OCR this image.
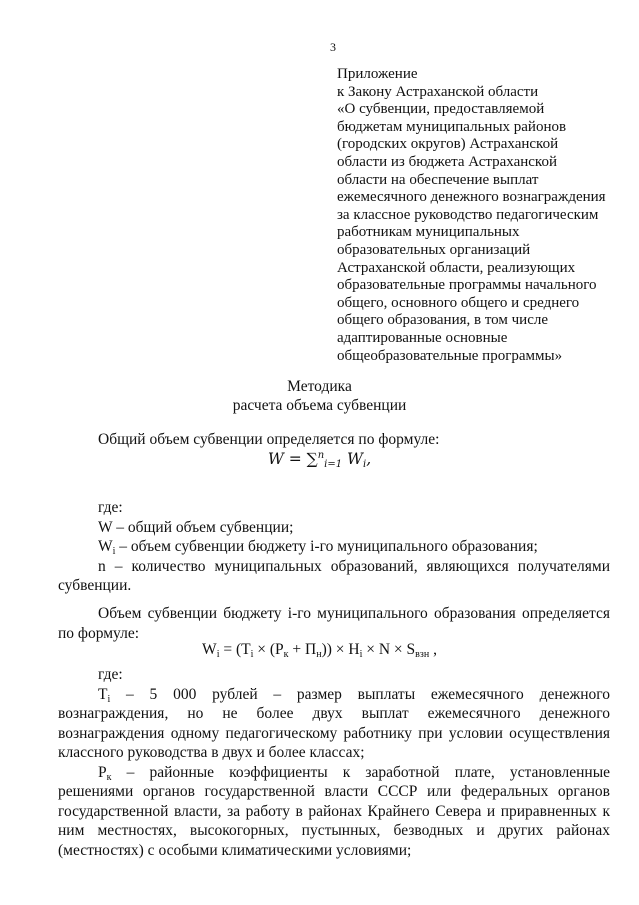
3
Приложение
к Закону Астраханской области
«О субвенции, предоставляемой
бюджетам муниципальных районов
(городских округов) Астраханской
области из бюджета Астраханской
области на обеспечение выплат
ежемесячного денежного вознаграждения
за классное руководство педагогическим
работникам муниципальных
образовательных организаций
Астраханской области, реализующих
образовательные программы начального
общего, основного общего и среднего
общего образования, в том числе
адаптированные основные
общеобразовательные программы»
Методика
расчета объема субвенции
Общий объем субвенции определяется по формуле:
W = ∑$^n_{i=1}$ $W_i$,
где:
W – общий объем субвенции;
$W_i$ – объем субвенции бюджету i-го муниципального образования;
n – количество муниципальных образований, являющихся получателями субвенции.
Объем субвенции бюджету i-го муниципального образования определяется по формуле:
$W_i = (T_i \times (P_к + П_н)) \times H_i \times N \times S_{взн}$ ,
где:
$T_i - 5$ 000 рублей – размер выплаты ежемесячного денежного вознаграждения, но не более двух выплат ежемесячного денежного вознаграждения одному педагогическому работнику при условии осуществления классного руководства в двух и более классах;
$P_к$ – районные коэффициенты к заработной плате, установленные решениями органов государственной власти СССР или федеральных органов государственной власти, за работу в районах Крайнего Севера и приравненных к ним местностях, высокогорных, пустынных, безводных и других районах (местностях) с особыми климатическими условиями;
